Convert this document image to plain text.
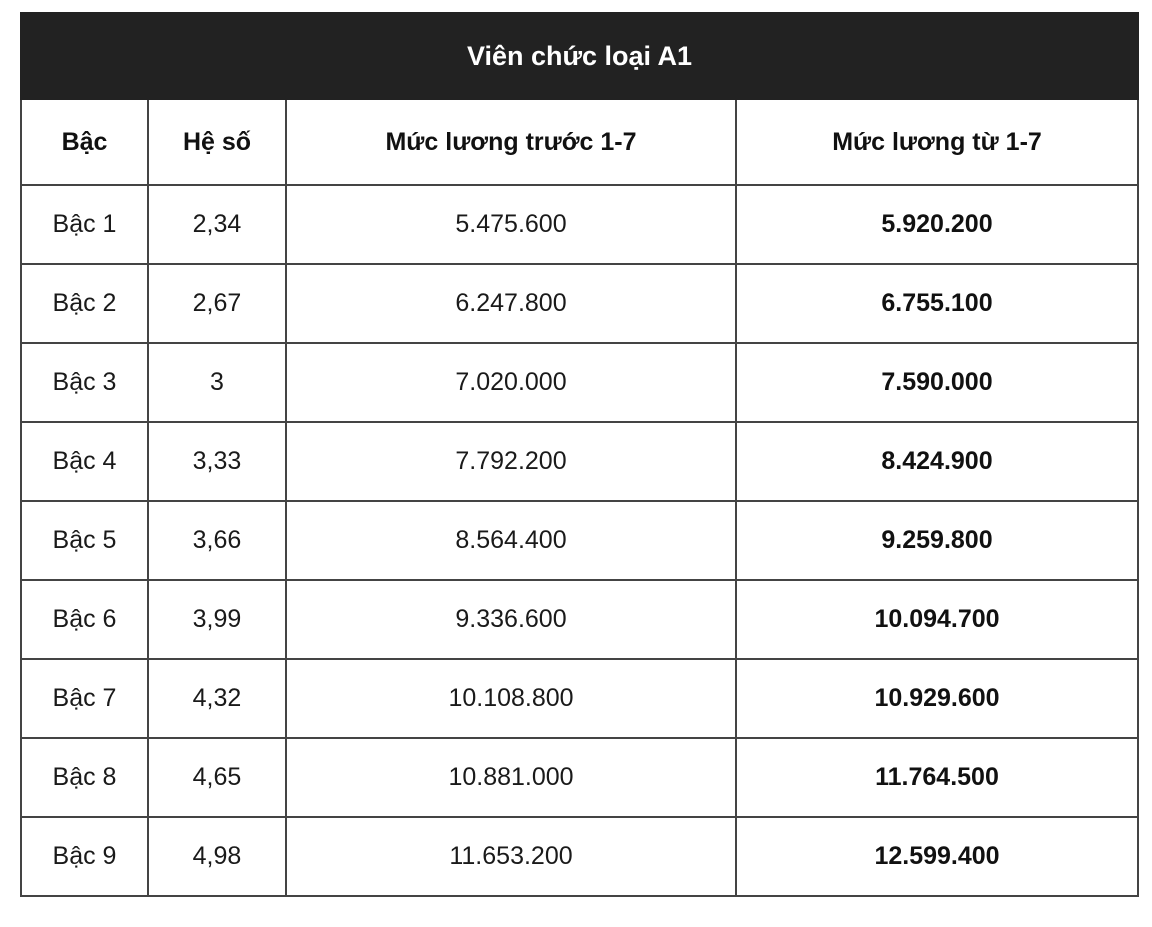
Viên chức loại A1			
Bậc	Hệ số	Mức lương trước 1-7	Mức lương từ 1-7
Bậc 1	2,34	5.475.600	5.920.200
Bậc 2	2,67	6.247.800	6.755.100
Bậc 3	3	7.020.000	7.590.000
Bậc 4	3,33	7.792.200	8.424.900
Bậc 5	3,66	8.564.400	9.259.800
Bậc 6	3,99	9.336.600	10.094.700
Bậc 7	4,32	10.108.800	10.929.600
Bậc 8	4,65	10.881.000	11.764.500
Bậc 9	4,98	11.653.200	12.599.400
